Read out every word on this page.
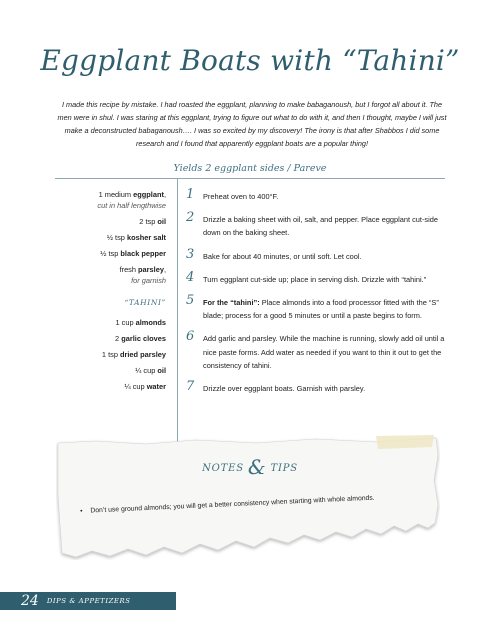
Eggplant Boats with “Tahini”
I made this recipe by mistake. I had roasted the eggplant, planning to make babaganoush, but I forgot all about it. The men were in shul. I was staring at this eggplant, trying to figure out what to do with it, and then I thought, maybe I will just make a deconstructed babaganoush…. I was so excited by my discovery! The irony is that after Shabbos I did some research and I found that apparently eggplant boats are a popular thing!
Yields 2 eggplant sides / Pareve
1 medium eggplant,
cut in half lengthwise
2 tsp oil
½ tsp kosher salt
½ tsp black pepper
fresh parsley,
for garnish
“TAHINI”
1 cup almonds
2 garlic cloves
1 tsp dried parsley
¼ cup oil
¼ cup water
1 Preheat oven to 400°F.
2 Drizzle a baking sheet with oil, salt, and pepper. Place eggplant cut-side down on the baking sheet.
3 Bake for about 40 minutes, or until soft. Let cool.
4 Turn eggplant cut-side up; place in serving dish. Drizzle with “tahini.”
5 For the “tahini”: Place almonds into a food processor fitted with the “S” blade; process for a good 5 minutes or until a paste begins to form.
6 Add garlic and parsley. While the machine is running, slowly add oil until a nice paste forms. Add water as needed if you want to thin it out to get the consistency of tahini.
7 Drizzle over eggplant boats. Garnish with parsley.
NOTES & TIPS
• Don’t use ground almonds; you will get a better consistency when starting with whole almonds.
24 DIPS & APPETIZERS
